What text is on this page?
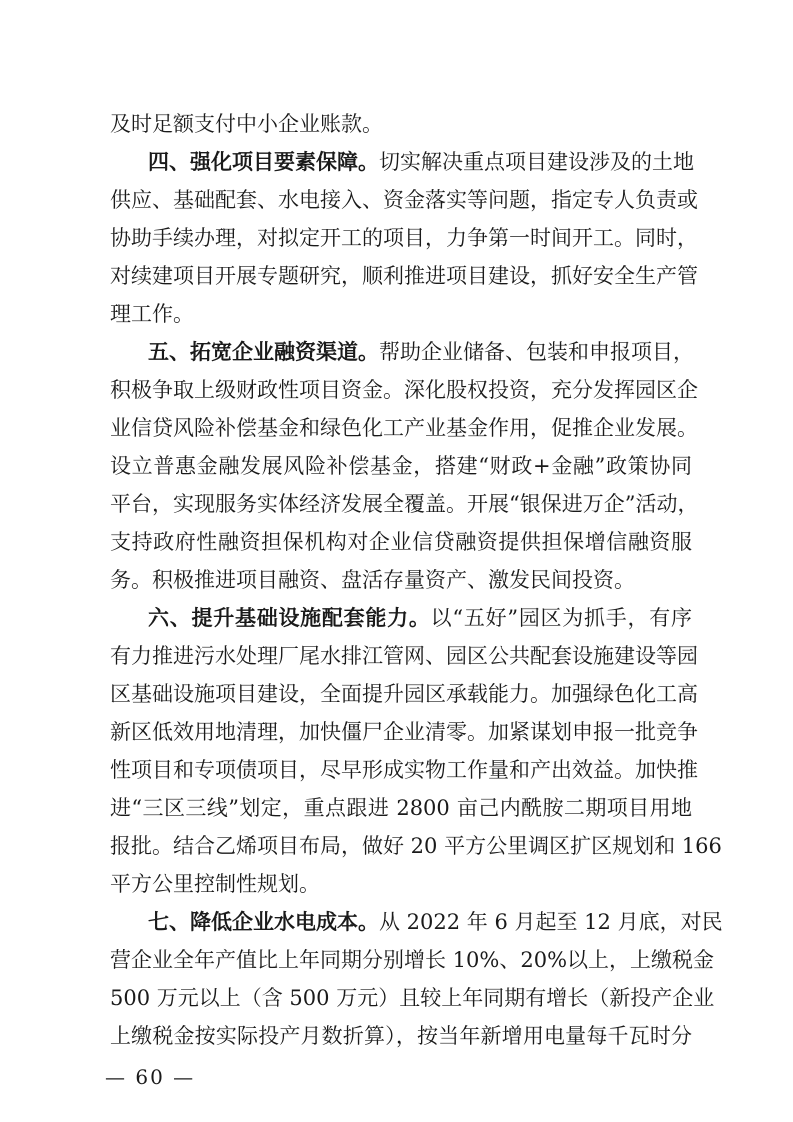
及时足额支付中小企业账款。
四、强化项目要素保障。切实解决重点项目建设涉及的土地
供应、基础配套、水电接入、资金落实等问题，指定专人负责或
协助手续办理，对拟定开工的项目，力争第一时间开工。同时，
对续建项目开展专题研究，顺利推进项目建设，抓好安全生产管
理工作。
五、拓宽企业融资渠道。帮助企业储备、包装和申报项目，
积极争取上级财政性项目资金。深化股权投资，充分发挥园区企
业信贷风险补偿基金和绿色化工产业基金作用，促推企业发展。
设立普惠金融发展风险补偿基金，搭建“财政+金融”政策协同
平台，实现服务实体经济发展全覆盖。开展“银保进万企”活动，
支持政府性融资担保机构对企业信贷融资提供担保增信融资服
务。积极推进项目融资、盘活存量资产、激发民间投资。
六、提升基础设施配套能力。以“五好”园区为抓手，有序
有力推进污水处理厂尾水排江管网、园区公共配套设施建设等园
区基础设施项目建设，全面提升园区承载能力。加强绿色化工高
新区低效用地清理，加快僵尸企业清零。加紧谋划申报一批竞争
性项目和专项债项目，尽早形成实物工作量和产出效益。加快推
进“三区三线”划定，重点跟进 2800 亩己内酰胺二期项目用地
报批。结合乙烯项目布局，做好 20 平方公里调区扩区规划和 166
平方公里控制性规划。
七、降低企业水电成本。从 2022 年 6 月起至 12 月底，对民
营企业全年产值比上年同期分别增长 10%、20%以上，上缴税金
500 万元以上（含 500 万元）且较上年同期有增长（新投产企业
上缴税金按实际投产月数折算），按当年新增用电量每千瓦时分
— 60 —
